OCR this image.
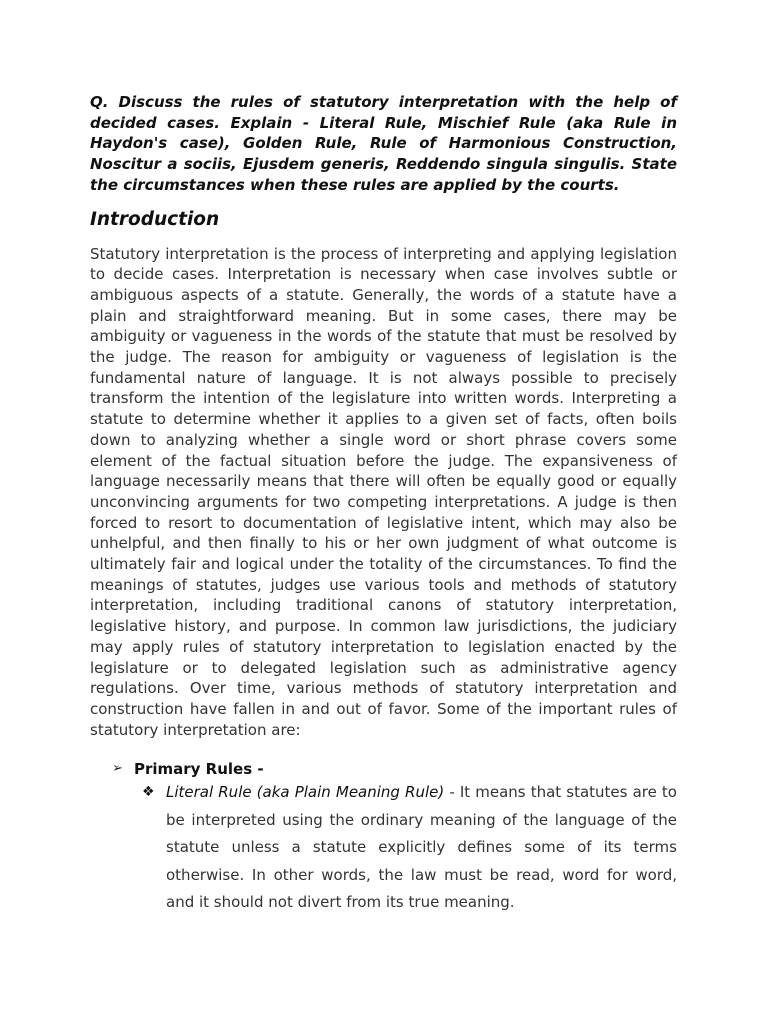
Q. Discuss the rules of statutory interpretation with the help of decided cases. Explain - Literal Rule, Mischief Rule (aka Rule in Haydon's case), Golden Rule, Rule of Harmonious Construction, Noscitur a sociis, Ejusdem generis, Reddendo singula singulis. State the circumstances when these rules are applied by the courts.

Introduction

Statutory interpretation is the process of interpreting and applying legislation to decide cases. Interpretation is necessary when case involves subtle or ambiguous aspects of a statute. Generally, the words of a statute have a plain and straightforward meaning. But in some cases, there may be ambiguity or vagueness in the words of the statute that must be resolved by the judge. The reason for ambiguity or vagueness of legislation is the fundamental nature of language. It is not always possible to precisely transform the intention of the legislature into written words. Interpreting a statute to determine whether it applies to a given set of facts, often boils down to analyzing whether a single word or short phrase covers some element of the factual situation before the judge. The expansiveness of language necessarily means that there will often be equally good or equally unconvincing arguments for two competing interpretations. A judge is then forced to resort to documentation of legislative intent, which may also be unhelpful, and then finally to his or her own judgment of what outcome is ultimately fair and logical under the totality of the circumstances. To find the meanings of statutes, judges use various tools and methods of statutory interpretation, including traditional canons of statutory interpretation, legislative history, and purpose. In common law jurisdictions, the judiciary may apply rules of statutory interpretation to legislation enacted by the legislature or to delegated legislation such as administrative agency regulations. Over time, various methods of statutory interpretation and construction have fallen in and out of favor. Some of the important rules of statutory interpretation are:

➢ Primary Rules -

❖ Literal Rule (aka Plain Meaning Rule) - It means that statutes are to be interpreted using the ordinary meaning of the language of the statute unless a statute explicitly defines some of its terms otherwise. In other words, the law must be read, word for word, and it should not divert from its true meaning.
